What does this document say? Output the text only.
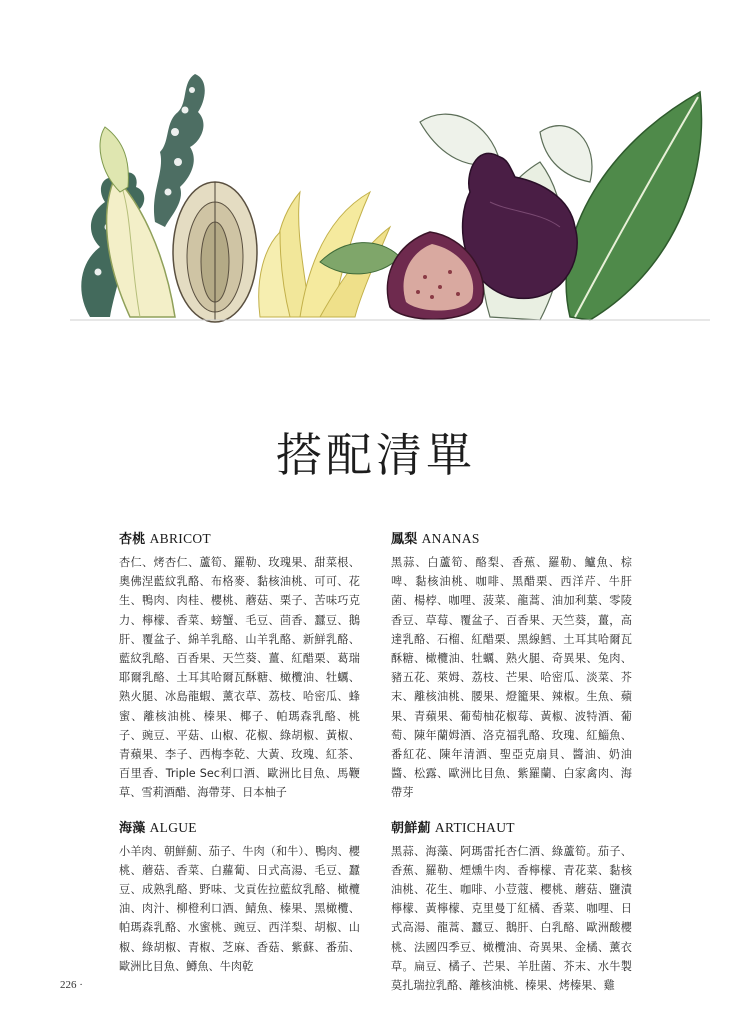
搭配清單
杏桃 ABRICOT

杏仁、烤杏仁、蘆筍、羅勒、玫瑰果、甜菜根、奧佛涅藍紋乳酪、布格麥、黏核油桃、可可、花生、鴨肉、肉桂、櫻桃、蘑菇、栗子、苦味巧克力、檸檬、香菜、螃蟹、毛豆、茴香、蠶豆、鵝肝、覆盆子、綿羊乳酪、山羊乳酪、新鮮乳酪、藍紋乳酪、百香果、天竺葵、薑、紅醋栗、葛瑞耶爾乳酪、土耳其哈爾瓦酥糖、橄欖油、牡蠣、熟火腿、冰島龍蝦、薰衣草、荔枝、哈密瓜、蜂蜜、離核油桃、榛果、椰子、帕瑪森乳酪、桃子、豌豆、平菇、山椒、花椒、綠胡椒、黃椒、青蘋果、李子、西梅李乾、大黃、玫瑰、紅茶、百里香、Triple Sec利口酒、歐洲比目魚、馬鞭草、雪莉酒醋、海帶芽、日本柚子

海藻 ALGUE

小羊肉、朝鮮薊、茄子、牛肉（和牛）、鴨肉、櫻桃、蘑菇、香菜、白蘿蔔、日式高湯、毛豆、蠶豆、成熟乳酪、野味、戈貢佐拉藍紋乳酪、橄欖油、肉汁、柳橙利口酒、鯖魚、榛果、黑橄欖、帕瑪森乳酪、水蜜桃、豌豆、西洋梨、胡椒、山椒、綠胡椒、青椒、芝麻、香菇、紫蘇、番茄、歐洲比目魚、鱒魚、牛肉乾

鳳梨 ANANAS

黑蒜、白蘆筍、酪梨、香蕉、羅勒、鱸魚、棕啤、黏核油桃、咖啡、黑醋栗、西洋芹、牛肝菌、楊桲、咖哩、菠菜、龍蒿、油加利葉、零陵香豆、草莓、覆盆子、百香果、天竺葵，薑，高達乳酪、石榴、紅醋栗、黑線鱈、土耳其哈爾瓦酥糖、橄欖油、牡蠣、熟火腿、奇異果、兔肉、豬五花、萊姆、荔枝、芒果、哈密瓜、淡菜、芥末、離核油桃、腰果、燈籠果、辣椒。生魚、蘋果、青蘋果、葡萄柚花椒莓、黃椒、波特酒、葡萄、陳年蘭姆酒、洛克福乳酪、玫瑰、紅鯔魚、番紅花、陳年清酒、聖亞克扇貝、醬油、奶油醬、松露、歐洲比目魚、紫羅蘭、白家禽肉、海帶芽

朝鮮薊 ARTICHAUT

黑蒜、海藻、阿瑪雷托杏仁酒、綠蘆筍。茄子、香蕉、羅勒、煙燻牛肉、香檸檬、青花菜、黏核油桃、花生、咖啡、小荳蔻、櫻桃、蘑菇、鹽漬檸檬、黃檸檬、克里曼丁紅橘、香菜、咖哩、日式高湯、龍蒿、蠶豆、鵝肝、白乳酪、歐洲酸櫻桃、法國四季豆、橄欖油、奇異果、金橘、薰衣草。扁豆、橘子、芒果、羊肚菌、芥末、水牛製莫扎瑞拉乳酪、離核油桃、榛果、烤榛果、雞

226 ·
